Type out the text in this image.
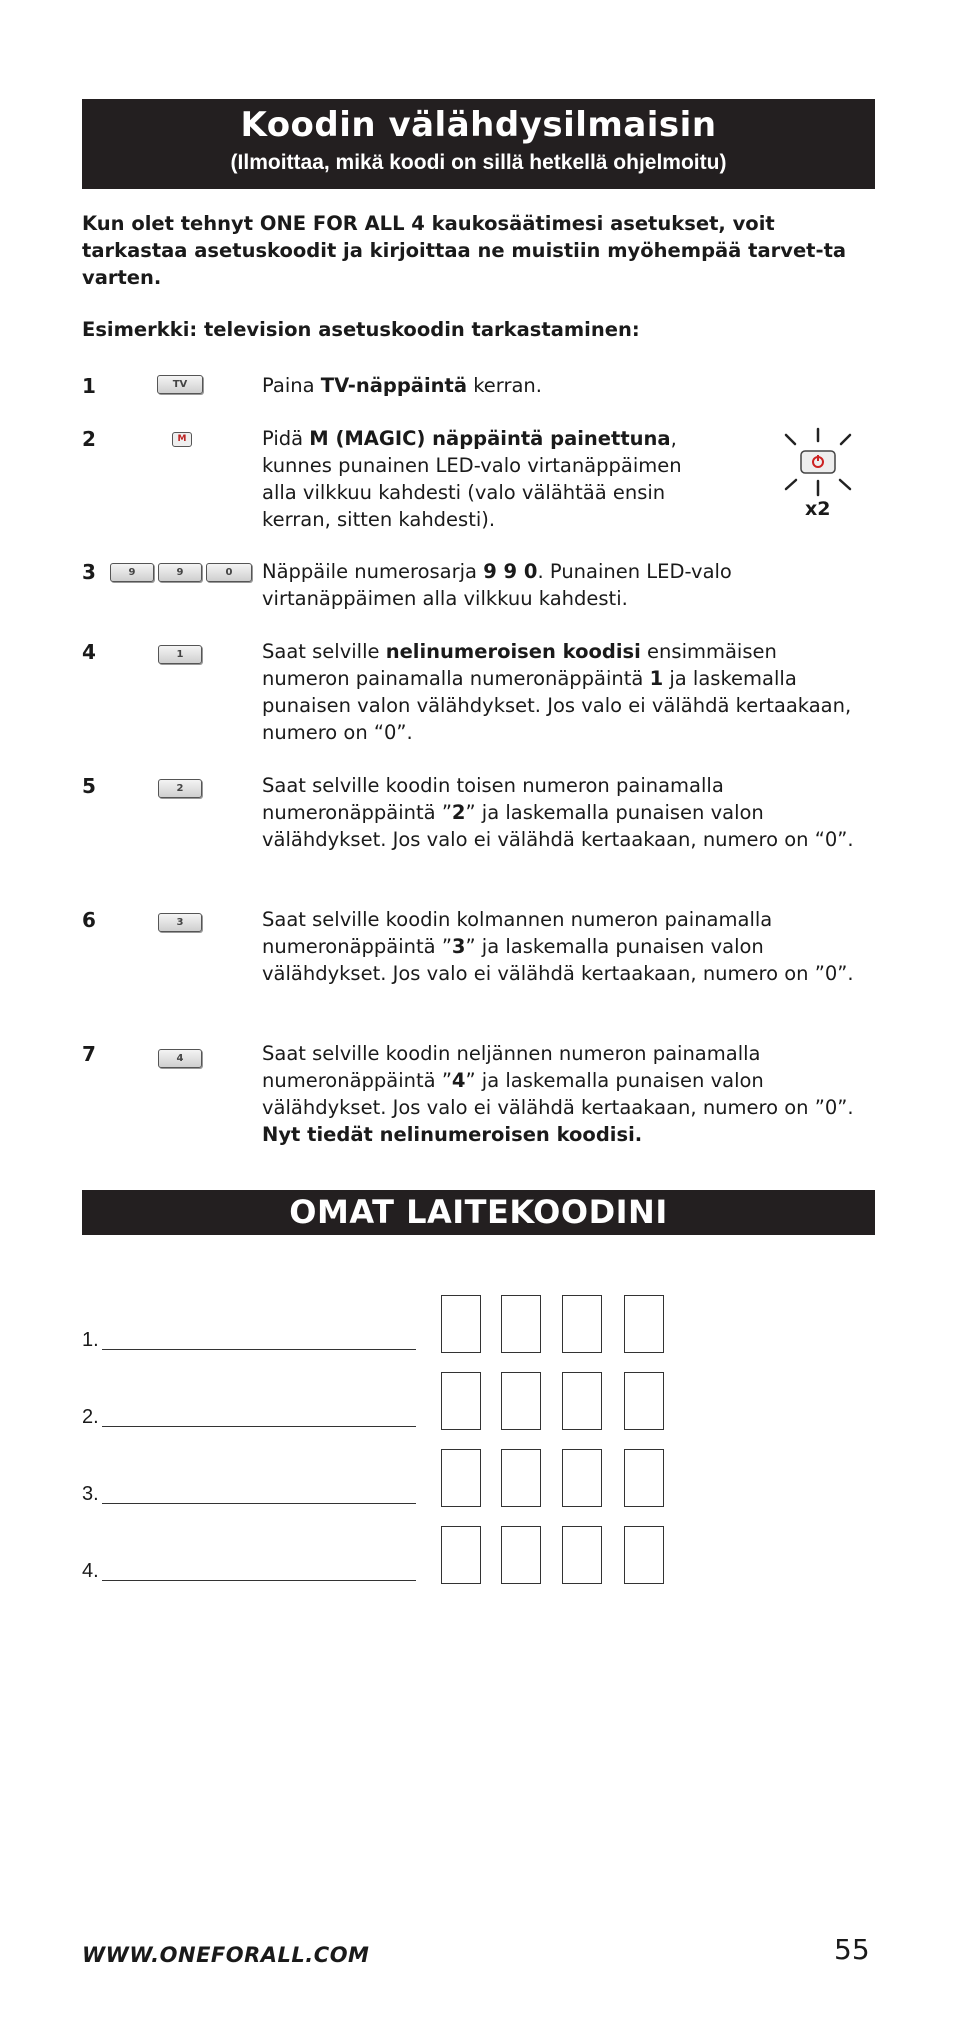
Koodin välähdysilmaisin
(Ilmoittaa, mikä koodi on sillä hetkellä ohjelmoitu)
Kun olet tehnyt ONE FOR ALL 4 kaukosäätimesi asetukset, voit tarkastaa asetuskoodit ja kirjoittaa ne muistiin myöhempää tarvet-ta varten.
Esimerkki: television asetuskoodin tarkastaminen:
1	TV	Paina TV-näppäintä kerran.
2	M	Pidä M (MAGIC) näppäintä painettuna, kunnes punainen LED-valo virtanäppäimen alla vilkkuu kahdesti (valo välähtää ensin kerran, sitten kahdesti).	x2
3	9	9	0	Näppäile numerosarja 9 9 0. Punainen LED-valo virtanäppäimen alla vilkkuu kahdesti.
4	1	Saat selville nelinumeroisen koodisi ensimmäisen numeron painamalla numeronäppäintä 1 ja laskemalla punaisen valon välähdykset. Jos valo ei välähdä kertaakaan, numero on “0”.
5	2	Saat selville koodin toisen numeron painamalla numeronäppäintä ”2” ja laskemalla punaisen valon välähdykset. Jos valo ei välähdä kertaakaan, numero on “0”.
6	3	Saat selville koodin kolmannen numeron painamalla numeronäppäintä ”3” ja laskemalla punaisen valon välähdykset. Jos valo ei välähdä kertaakaan, numero on ”0”.
7	4	Saat selville koodin neljännen numeron painamalla numeronäppäintä ”4” ja laskemalla punaisen valon välähdykset. Jos valo ei välähdä kertaakaan, numero on ”0”. Nyt tiedät nelinumeroisen koodisi.
OMAT LAITEKOODINI
1.
2.
3.
4.
WWW.ONEFORALL.COM	55
